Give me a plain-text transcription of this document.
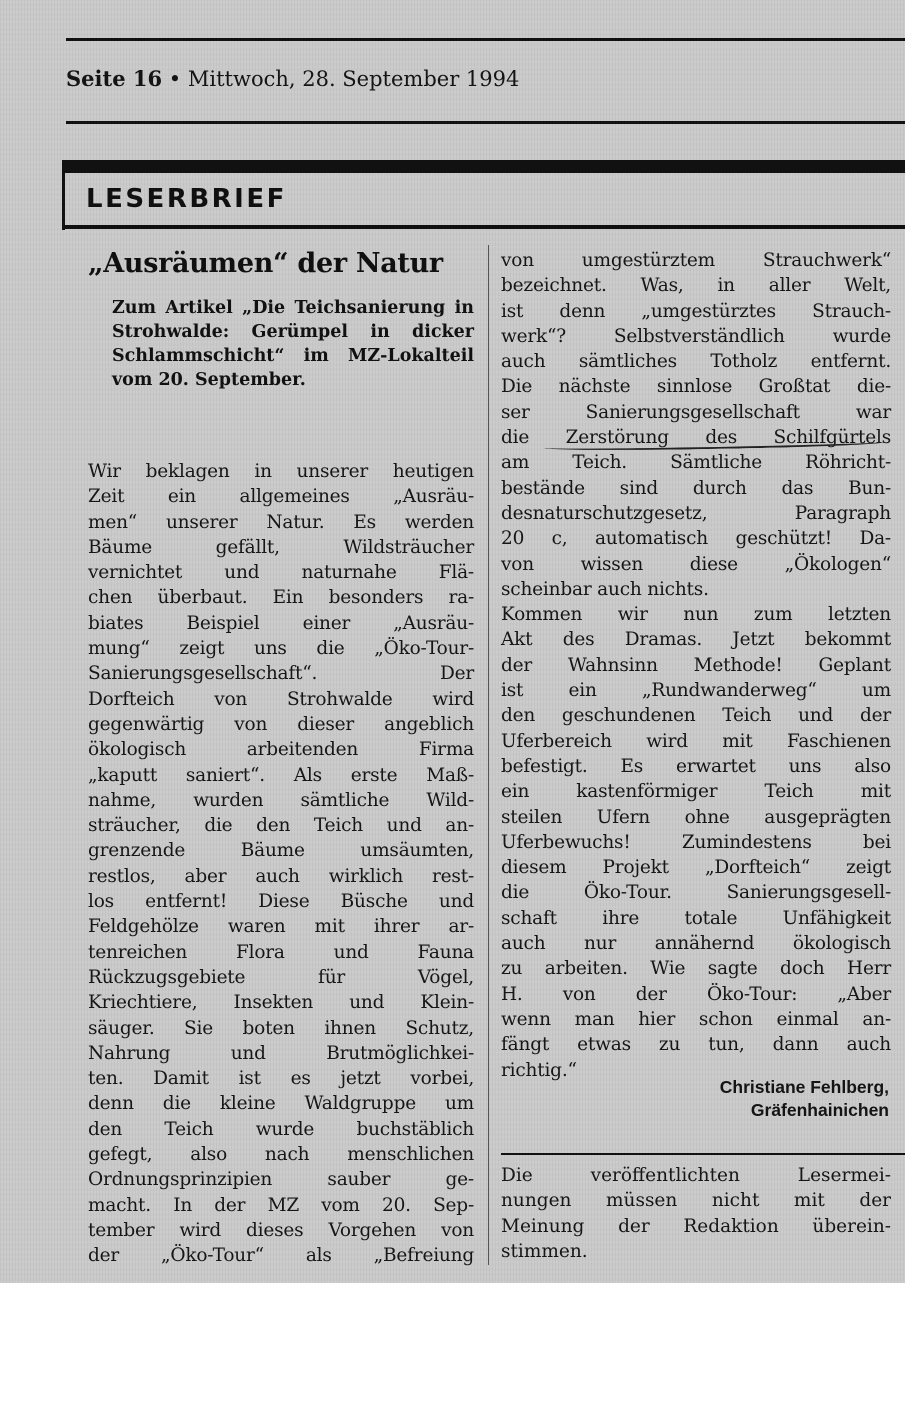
Seite 16 • Mittwoch, 28. September 1994
LESERBRIEF
„Ausräumen“ der Natur
Zum Artikel „Die Teichsanierung in Strohwalde: Gerümpel in dicker Schlammschicht“ im MZ-Lokalteil vom 20. September.
Wir beklagen in unserer heutigen
Zeit ein allgemeines „Ausräu-
men“ unserer Natur. Es werden
Bäume gefällt, Wildsträucher
vernichtet und naturnahe Flä-
chen überbaut. Ein besonders ra-
biates Beispiel einer „Ausräu-
mung“ zeigt uns die „Öko-Tour-
Sanierungsgesellschaft“. Der
Dorfteich von Strohwalde wird
gegenwärtig von dieser angeblich
ökologisch arbeitenden Firma
„kaputt saniert“. Als erste Maß-
nahme, wurden sämtliche Wild-
sträucher, die den Teich und an-
grenzende Bäume umsäumten,
restlos, aber auch wirklich rest-
los entfernt! Diese Büsche und
Feldgehölze waren mit ihrer ar-
tenreichen Flora und Fauna
Rückzugsgebiete für Vögel,
Kriechtiere, Insekten und Klein-
säuger. Sie boten ihnen Schutz,
Nahrung und Brutmöglichkei-
ten. Damit ist es jetzt vorbei,
denn die kleine Waldgruppe um
den Teich wurde buchstäblich
gefegt, also nach menschlichen
Ordnungsprinzipien sauber ge-
macht. In der MZ vom 20. Sep-
tember wird dieses Vorgehen von
der „Öko-Tour“ als „Befreiung
von umgestürztem Strauchwerk“
bezeichnet. Was, in aller Welt,
ist denn „umgestürztes Strauch-
werk“? Selbstverständlich wurde
auch sämtliches Totholz entfernt.
Die nächste sinnlose Großtat die-
ser Sanierungsgesellschaft war
die Zerstörung des Schilfgürtels
am Teich. Sämtliche Röhricht-
bestände sind durch das Bun-
desnaturschutzgesetz, Paragraph
20 c, automatisch geschützt! Da-
von wissen diese „Ökologen“
scheinbar auch nichts.
Kommen wir nun zum letzten
Akt des Dramas. Jetzt bekommt
der Wahnsinn Methode! Geplant
ist ein „Rundwanderweg“ um
den geschundenen Teich und der
Uferbereich wird mit Faschienen
befestigt. Es erwartet uns also
ein kastenförmiger Teich mit
steilen Ufern ohne ausgeprägten
Uferbewuchs! Zumindestens bei
diesem Projekt „Dorfteich“ zeigt
die Öko-Tour. Sanierungsgesell-
schaft ihre totale Unfähigkeit
auch nur annähernd ökologisch
zu arbeiten. Wie sagte doch Herr
H. von der Öko-Tour: „Aber
wenn man hier schon einmal an-
fängt etwas zu tun, dann auch
richtig.“
Christiane Fehlberg,
Gräfenhainichen
Die veröffentlichten Lesermei-
nungen müssen nicht mit der
Meinung der Redaktion überein-
stimmen.
